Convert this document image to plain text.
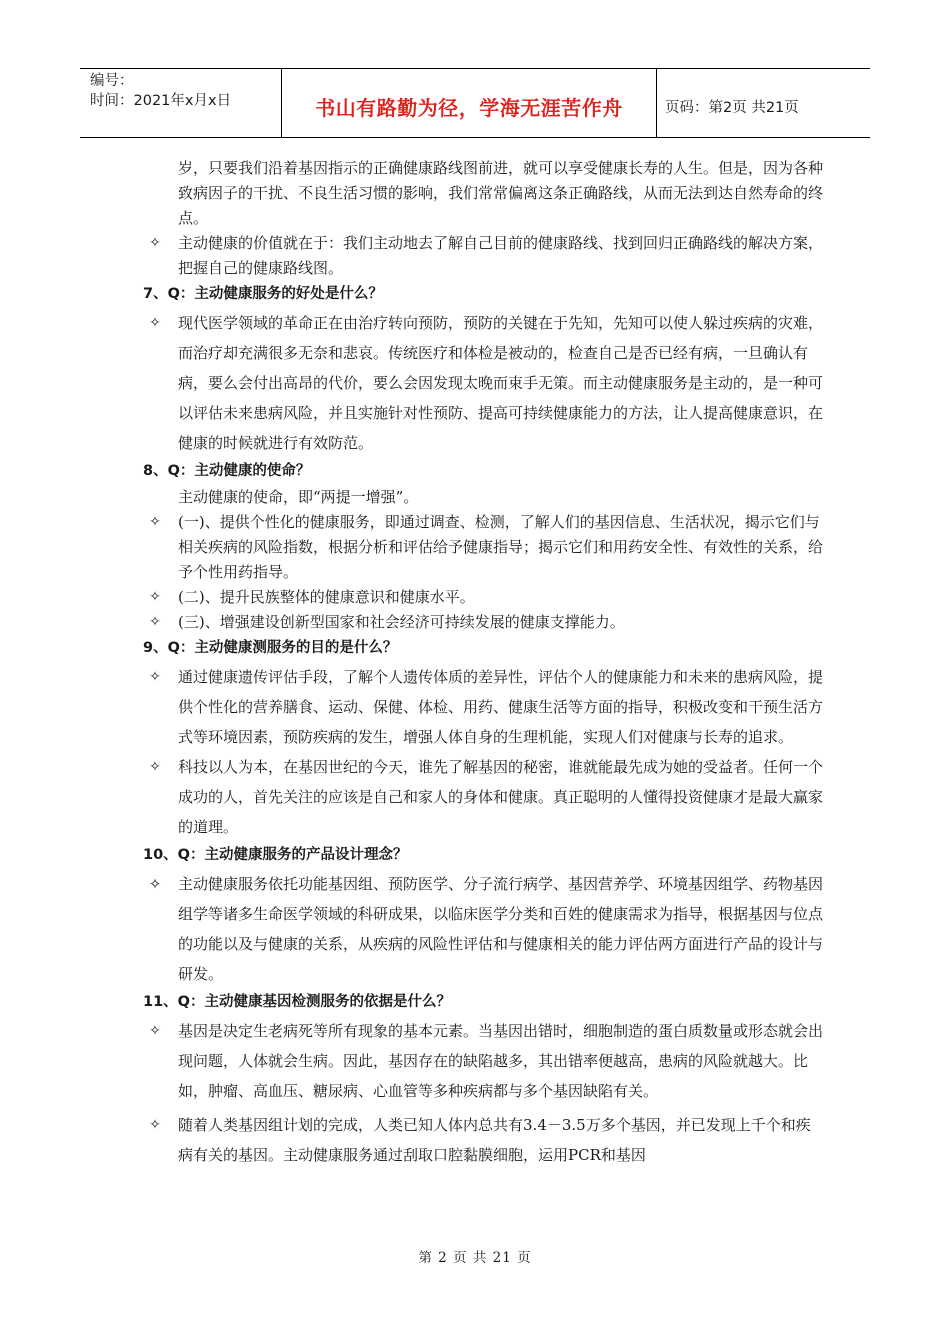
编号：
时间：2021年x月x日	书山有路勤为径，学海无涯苦作舟	页码：第2页 共21页

岁，只要我们沿着基因指示的正确健康路线图前进，就可以享受健康长寿的人生。但是，因为各种致病因子的干扰、不良生活习惯的影响，我们常常偏离这条正确路线，从而无法到达自然寿命的终点。

✧	主动健康的价值就在于：我们主动地去了解自己目前的健康路线、找到回归正确路线的解决方案，把握自己的健康路线图。

7、Q：主动健康服务的好处是什么？

✧	现代医学领域的革命正在由治疗转向预防，预防的关键在于先知，先知可以使人躲过疾病的灾难，而治疗却充满很多无奈和悲哀。传统医疗和体检是被动的，检查自己是否已经有病，一旦确认有病，要么会付出高昂的代价，要么会因发现太晚而束手无策。而主动健康服务是主动的，是一种可以评估未来患病风险，并且实施针对性预防、提高可持续健康能力的方法，让人提高健康意识，在健康的时候就进行有效防范。

8、Q：主动健康的使命？

主动健康的使命，即“两提一增强”。

✧	(一)、提供个性化的健康服务，即通过调查、检测，了解人们的基因信息、生活状况，揭示它们与相关疾病的风险指数，根据分析和评估给予健康指导；揭示它们和用药安全性、有效性的关系，给予个性用药指导。
✧	(二)、提升民族整体的健康意识和健康水平。
✧	(三)、增强建设创新型国家和社会经济可持续发展的健康支撑能力。

9、Q：主动健康测服务的目的是什么？

✧	通过健康遗传评估手段，了解个人遗传体质的差异性，评估个人的健康能力和未来的患病风险，提供个性化的营养膳食、运动、保健、体检、用药、健康生活等方面的指导，积极改变和干预生活方式等环境因素，预防疾病的发生，增强人体自身的生理机能，实现人们对健康与长寿的追求。
✧	科技以人为本，在基因世纪的今天，谁先了解基因的秘密，谁就能最先成为她的受益者。任何一个成功的人，首先关注的应该是自己和家人的身体和健康。真正聪明的人懂得投资健康才是最大赢家的道理。

10、Q：主动健康服务的产品设计理念？

✧	主动健康服务依托功能基因组、预防医学、分子流行病学、基因营养学、环境基因组学、药物基因组学等诸多生命医学领域的科研成果，以临床医学分类和百姓的健康需求为指导，根据基因与位点的功能以及与健康的关系，从疾病的风险性评估和与健康相关的能力评估两方面进行产品的设计与研发。

11、Q：主动健康基因检测服务的依据是什么？

✧	基因是决定生老病死等所有现象的基本元素。当基因出错时，细胞制造的蛋白质数量或形态就会出现问题，人体就会生病。因此，基因存在的缺陷越多，其出错率便越高，患病的风险就越大。比如，肿瘤、高血压、糖尿病、心血管等多种疾病都与多个基因缺陷有关。
✧	随着人类基因组计划的完成，人类已知人体内总共有3.4－3.5万多个基因，并已发现上千个和疾病有关的基因。主动健康服务通过刮取口腔黏膜细胞，运用PCR和基因
第 2 页 共 21 页
